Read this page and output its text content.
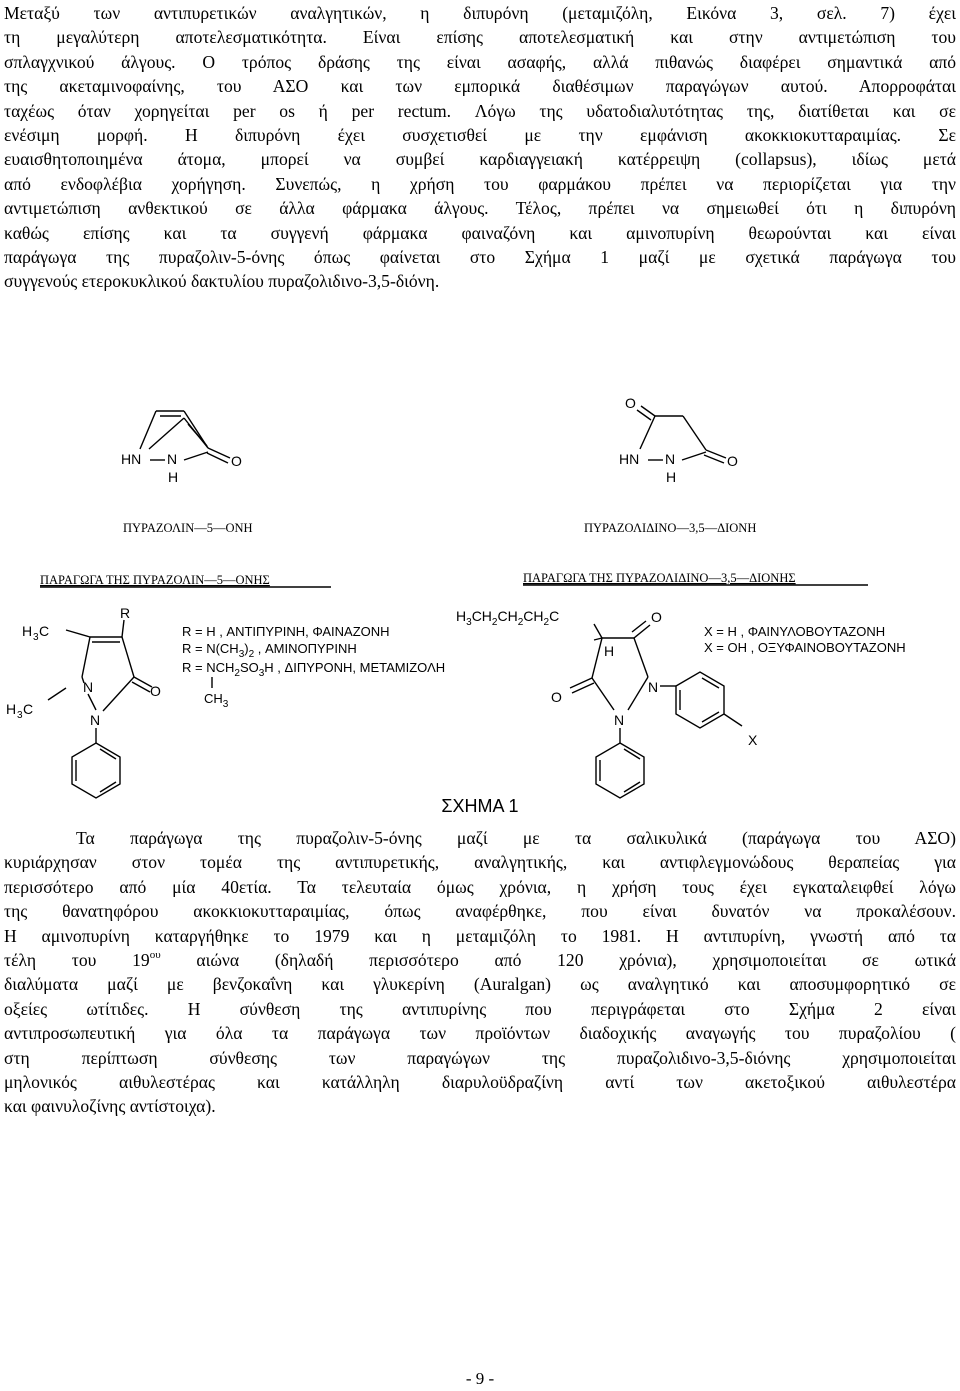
Μεταξύ των αντιπυρετικών αναλγητικών, η διπυρόνη (μεταμιζόλη, Εικόνα 3, σελ. 7) έχει
τη μεγαλύτερη αποτελεσματικότητα. Είναι επίσης αποτελεσματική και στην αντιμετώπιση του
σπλαγχνικού άλγους. Ο τρόπος δράσης της είναι ασαφής, αλλά πιθανώς διαφέρει σημαντικά από
της ακεταμινοφαίνης, του ΑΣΟ και των εμπορικά διαθέσιμων παραγώγων αυτού. Απορροφάται
ταχέως όταν χορηγείται per os ή per rectum. Λόγω της υδατοδιαλυτότητας της, διατίθεται και σε
ενέσιμη μορφή. Η διπυρόνη έχει συσχετισθεί με την εμφάνιση ακοκκιοκυτταραιμίας. Σε
ευαισθητοποιημένα άτομα, μπορεί να συμβεί καρδιαγγειακή κατέρρειψη (collapsus), ιδίως μετά
από ενδοφλέβια χορήγηση. Συνεπώς, η χρήση του φαρμάκου πρέπει να περιορίζεται για την
αντιμετώπιση ανθεκτικού σε άλλα φάρμακα άλγους. Τέλος, πρέπει να σημειωθεί ότι η διπυρόνη
καθώς επίσης και τα συγγενή φάρμακα φαιναζόνη και αμινοπυρίνη θεωρούνται και είναι
παράγωγα της πυραζολιν-5-όνης όπως φαίνεται στο Σχήμα 1 μαζί με σχετικά παράγωγα του
συγγενούς ετεροκυκλικού δακτυλίου πυραζολιδινο-3,5-διόνη.

HN N
H
O
ΠΥΡΑΖΟΛΙΝ—5—ΟΝΗ
O
HN N
H
O
ΠΥΡΑΖΟΛΙΔΙΝΟ—3,5—ΔΙΟΝΗ
ΠΑΡΑΓΩΓΑ ΤΗΣ ΠΥΡΑΖΟΛΙΝ—5—ΟΝΗΣ	ΠΑΡΑΓΩΓΑ ΤΗΣ ΠΥΡΑΖΟΛΙΔΙΝΟ—3,5—ΔΙΟΝΗΣ
H 3 C
R
N	O
H 3 C
N
R = H , ΑΝΤΙΠΥΡΙΝΗ, ΦΑΙΝΑΖΟΝΗ
$R = N(CH_3)_2$ , ΑΜΙΝΟΠΥΡΙΝΗ
$R = NCH_2SO_3H$ , ΔΙΠΥΡΟΝΗ, ΜΕΤΑΜΙΖΟΛΗ
$CH_3$
$H_3CH_2CH_2CH_2C$
H
O
O
N
N
X
X = H , ΦΑΙΝΥΛΟΒΟΥΤΑΖΟΝΗ
X = OH , ΟΞΥΦΑΙΝΟΒΟΥΤΑΖΟΝΗ
ΣΧΗΜΑ 1

Τα παράγωγα της πυραζολιν-5-όνης μαζί με τα σαλικυλικά (παράγωγα του ΑΣΟ)
κυριάρχησαν στον τομέα της αντιπυρετικής, αναλγητικής, και αντιφλεγμονώδους θεραπείας για
περισσότερο από μία 40ετία. Τα τελευταία όμως χρόνια, η χρήση τους έχει εγκαταλειφθεί λόγω
της θανατηφόρου ακοκκιοκυτταραιμίας, όπως αναφέρθηκε, που είναι δυνατόν να προκαλέσουν.
Η αμινοπυρίνη καταργήθηκε το 1979 και η μεταμιζόλη το 1981. Η αντιπυρίνη, γνωστή από τα
τέλη του $19^{o\upsilon}$ αιώνα (δηλαδή περισσότερο από 120 χρόνια), χρησιμοποιείται σε ωτικά
διαλύματα μαζί με βενζοκαΐνη και γλυκερίνη (Auralgan) ως αναλγητικό και αποσυμφορητικό σε
οξείες ωτίτιδες. Η σύνθεση της αντιπυρίνης που περιγράφεται στο Σχήμα 2 είναι
αντιπροσωπευτική για όλα τα παράγωγα των προϊόντων διαδοχικής αναγωγής του πυραζολίου (
στη περίπτωση σύνθεσης των παραγώγων της πυραζολιδινο-3,5-διόνης χρησιμοποιείται
μηλονικός αιθυλεστέρας και κατάλληλη διαρυλοϋδραζίνη αντί των ακετοξικού αιθυλεστέρα
και φαινυλοζίνης αντίστοιχα).

- 9 -
